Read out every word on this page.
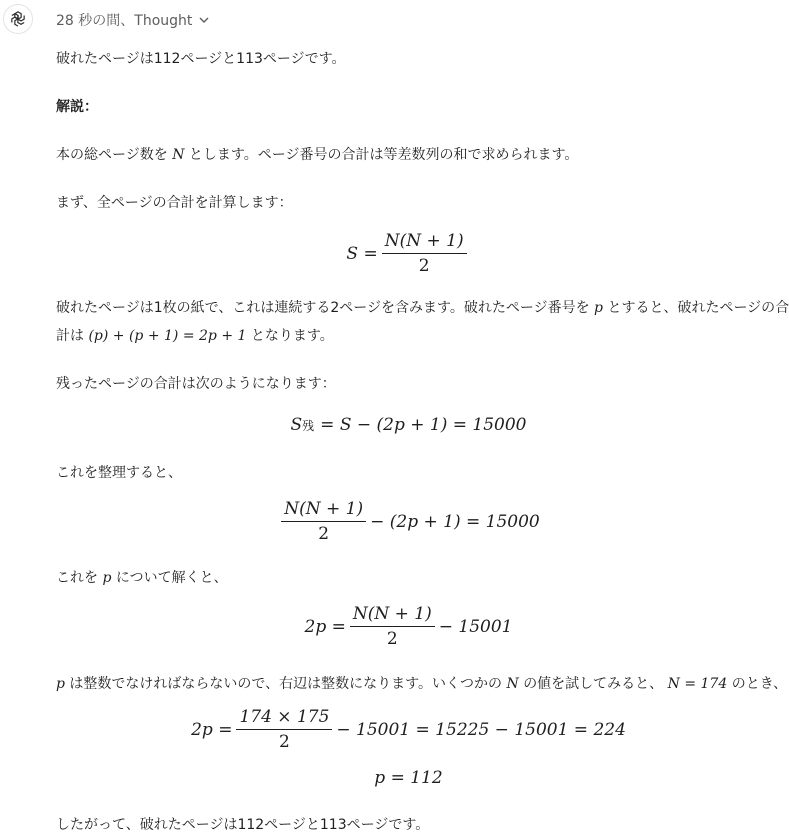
28 秒の間、Thought
破れたページは112ページと113ページです。
解説：
本の総ページ数を N とします。ページ番号の合計は等差数列の和で求められます。
まず、全ページの合計を計算します：
$S = \frac{N(N + 1)}{2}$
破れたページは1枚の紙で、これは連続する2ページを含みます。破れたページ番号を p とすると、破れたページの合
計は (p) + (p + 1) = 2p + 1 となります。
残ったページの合計は次のようになります：
S 残 = S − (2p + 1) = 15000
これを整理すると、
$\frac{N(N + 1)}{2} - (2p + 1) = 15000$
これを p について解くと、
$2p = \frac{N(N + 1)}{2} - 15001$
p は整数でなければならないので、右辺は整数になります。いくつかの N の値を試してみると、 N = 174 のとき、
$2p = \frac{174 \times 175}{2} - 15001 = 15225 - 15001 = 224$
p = 112
したがって、破れたページは112ページと113ページです。
